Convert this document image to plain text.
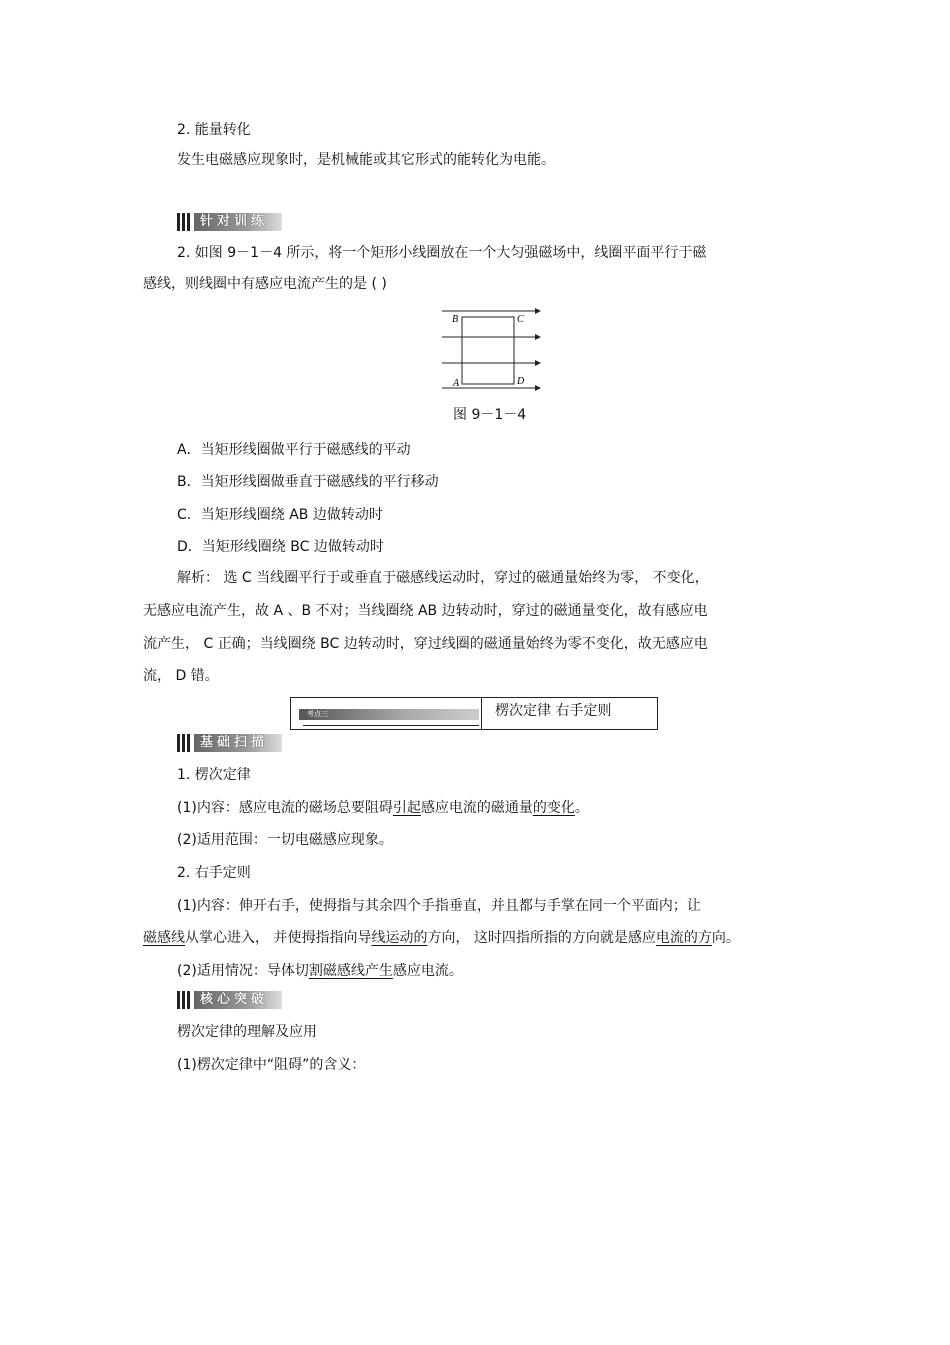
2. 能量转化
发生电磁感应现象时，是机械能或其它形式的能转化为电能。
针对训练
2. 如图 9－1－4 所示，将一个矩形小线圈放在一个大匀强磁场中，线圈平面平行于磁
感线，则线圈中有感应电流产生的是 ( )
B	C
A	D
图 9－1－4
A．当矩形线圈做平行于磁感线的平动
B．当矩形线圈做垂直于磁感线的平行移动
C．当矩形线圈绕 AB 边做转动时
D．当矩形线圈绕 BC 边做转动时
解析： 选 C 当线圈平行于或垂直于磁感线运动时，穿过的磁通量始终为零， 不变化，
无感应电流产生，故 A 、B 不对；当线圈绕 AB 边转动时，穿过的磁通量变化，故有感应电
流产生， C 正确；当线圈绕 BC 边转动时，穿过线圈的磁通量始终为零不变化，故无感应电
流， D 错。
考点三	楞次定律 右手定则
基础扫描
1. 楞次定律
(1)内容：感应电流的磁场总要阻碍引起感应电流的磁通量的变化。
(2)适用范围：一切电磁感应现象。
2. 右手定则
(1)内容：伸开右手，使拇指与其余四个手指垂直，并且都与手掌在同一个平面内；让
磁感线从掌心进入， 并使拇指指向导线运动的方向， 这时四指所指的方向就是感应电流的方向。
(2)适用情况：导体切割磁感线产生感应电流。
核心突破
楞次定律的理解及应用
(1)楞次定律中“阻碍”的含义：
